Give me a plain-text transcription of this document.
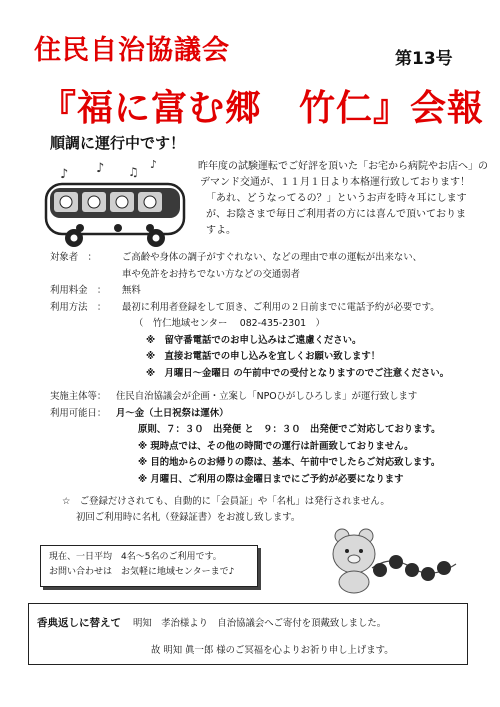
住民自治協議会	第13号
『福に富む郷　竹仁』会報
順調に運行中です！
♪ ♪ ♫
♪	昨年度の試験運転でご好評を頂いた「お宅から病院やお店へ」の
デマンド交通が、１１月１日より本格運行致しております！
「あれ、どうなってるの？」というお声を時々耳にします
が、お陰さまで毎日ご利用者の方には喜んで頂いておりま
すよ。
対象者　：	ご高齢や身体の調子がすぐれない、などの理由で車の運転が出来ない、
車や免許をお持ちでない方などの交通弱者
利用料金　： 無料
利用方法　： 最初に利用者登録をして頂き、ご利用の２日前までに電話予約が必要です。
（　竹仁地域センター　 082-435-2301　）
※　留守番電話でのお申し込みはご遠慮ください。
※　直接お電話での申し込みを宜しくお願い致します！
※　月曜日～金曜日 の午前中での受付となりますのでご注意ください。
実施主体等： 住民自治協議会が企画・立案し「NPOひがしひろしま」が運行致します
利用可能日： 月～金（土日祝祭は運休）
原則、７：３０　出発便 と　９：３０　出発便でご対応しております。
※ 現時点では、その他の時間での運行は計画致しておりません。
※ 目的地からのお帰りの際は、基本、午前中でしたらご対応致します。
※ 月曜日、ご利用の際は金曜日までにご予約が必要になります
☆　ご登録だけされても、自動的に「会員証」や「名札」は発行されません。
初回ご利用時に名札（登録証書）をお渡し致します。
現在、一日平均　4名～5名のご利用です。
お問い合わせは　お気軽に地域センターまで♪
香典返しに替えて 明知　孝治様より　自治協議会へご寄付を頂戴致しました。
故 明知 眞一郎 様のご冥福を心よりお祈り申し上げます。
